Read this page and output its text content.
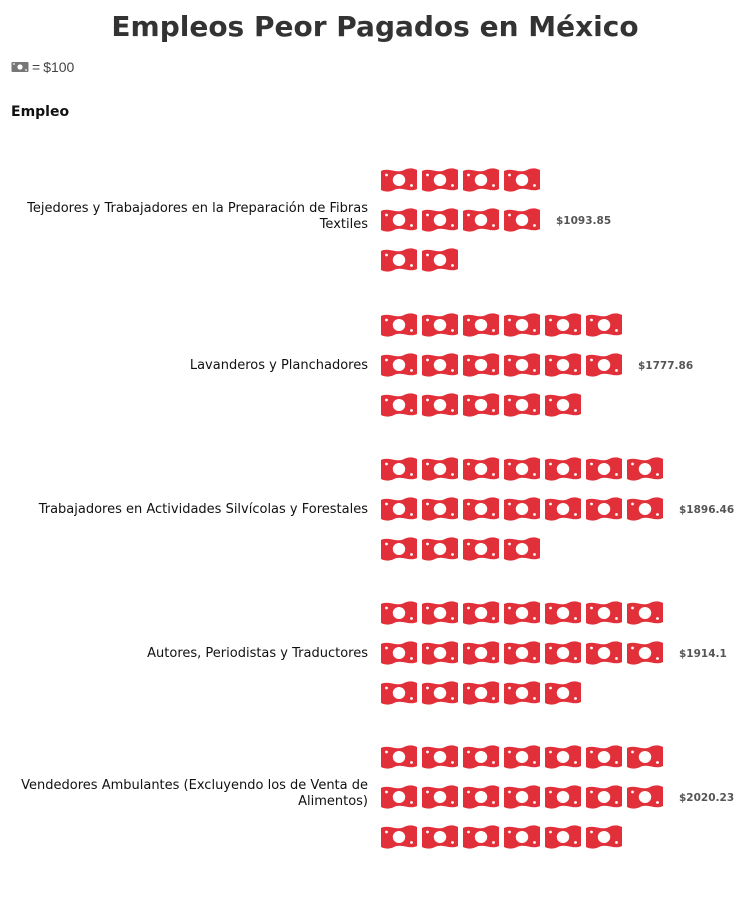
Empleos Peor Pagados en México
= $100
Empleo
Tejedores y Trabajadores en la Preparación de Fibras Textiles	$1093.85
Lavanderos y Planchadores	$1777.86
Trabajadores en Actividades Silvícolas y Forestales	$1896.46
Autores, Periodistas y Traductores	$1914.1
Vendedores Ambulantes (Excluyendo los de Venta de Alimentos)	$2020.23
